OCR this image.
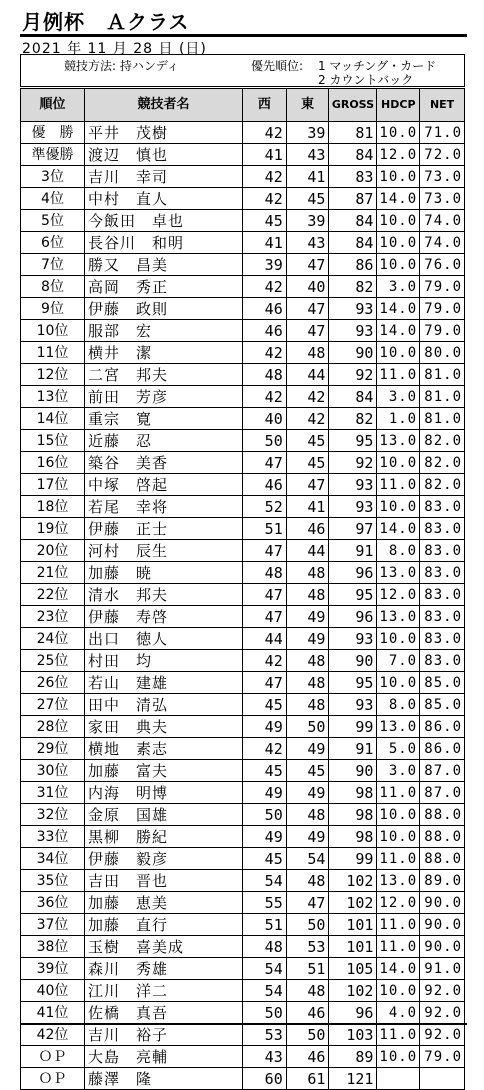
月例杯　Ａクラス
2021 年 11 月 28 日 (日)
競技方法: 持ハンディ	優先順位: 1 マッチング・カード
2 カウントバック
順位	競技者名	西	東	GROSS	HDCP	NET
優　勝	平井　茂樹	42	39	81	10.0	71.0
準優勝	渡辺　慎也	41	43	84	12.0	72.0
3位	吉川　幸司	42	41	83	10.0	73.0
4位	中村　直人	42	45	87	14.0	73.0
5位	今飯田　卓也	45	39	84	10.0	74.0
6位	長谷川　和明	41	43	84	10.0	74.0
7位	勝又　昌美	39	47	86	10.0	76.0
8位	高岡　秀正	42	40	82	3.0	79.0
9位	伊藤　政則	46	47	93	14.0	79.0
10位	服部　宏	46	47	93	14.0	79.0
11位	横井　潔	42	48	90	10.0	80.0
12位	二宮　邦夫	48	44	92	11.0	81.0
13位	前田　芳彦	42	42	84	3.0	81.0
14位	重宗　寛	40	42	82	1.0	81.0
15位	近藤　忍	50	45	95	13.0	82.0
16位	築谷　美香	47	45	92	10.0	82.0
17位	中塚　啓起	46	47	93	11.0	82.0
18位	若尾　幸将	52	41	93	10.0	83.0
19位	伊藤　正士	51	46	97	14.0	83.0
20位	河村　辰生	47	44	91	8.0	83.0
21位	加藤　暁	48	48	96	13.0	83.0
22位	清水　邦夫	47	48	95	12.0	83.0
23位	伊藤　寿啓	47	49	96	13.0	83.0
24位	出口　徳人	44	49	93	10.0	83.0
25位	村田　均	42	48	90	7.0	83.0
26位	若山　建雄	47	48	95	10.0	85.0
27位	田中　清弘	45	48	93	8.0	85.0
28位	家田　典夫	49	50	99	13.0	86.0
29位	横地　素志	42	49	91	5.0	86.0
30位	加藤　富夫	45	45	90	3.0	87.0
31位	内海　明博	49	49	98	11.0	87.0
32位	金原　国雄	50	48	98	10.0	88.0
33位	黒柳　勝紀	49	49	98	10.0	88.0
34位	伊藤　毅彦	45	54	99	11.0	88.0
35位	吉田　晋也	54	48	102	13.0	89.0
36位	加藤　恵美	55	47	102	12.0	90.0
37位	加藤　直行	51	50	101	11.0	90.0
38位	玉樹　喜美成	48	53	101	11.0	90.0
39位	森川　秀雄	54	51	105	14.0	91.0
40位	江川　洋二	54	48	102	10.0	92.0
41位	佐橋　真吾	50	46	96	4.0	92.0
42位	吉川　裕子	53	50	103	11.0	92.0
ＯＰ	大島　亮輔	43	46	89	10.0	79.0
ＯＰ	藤澤　隆	60	61	121		
